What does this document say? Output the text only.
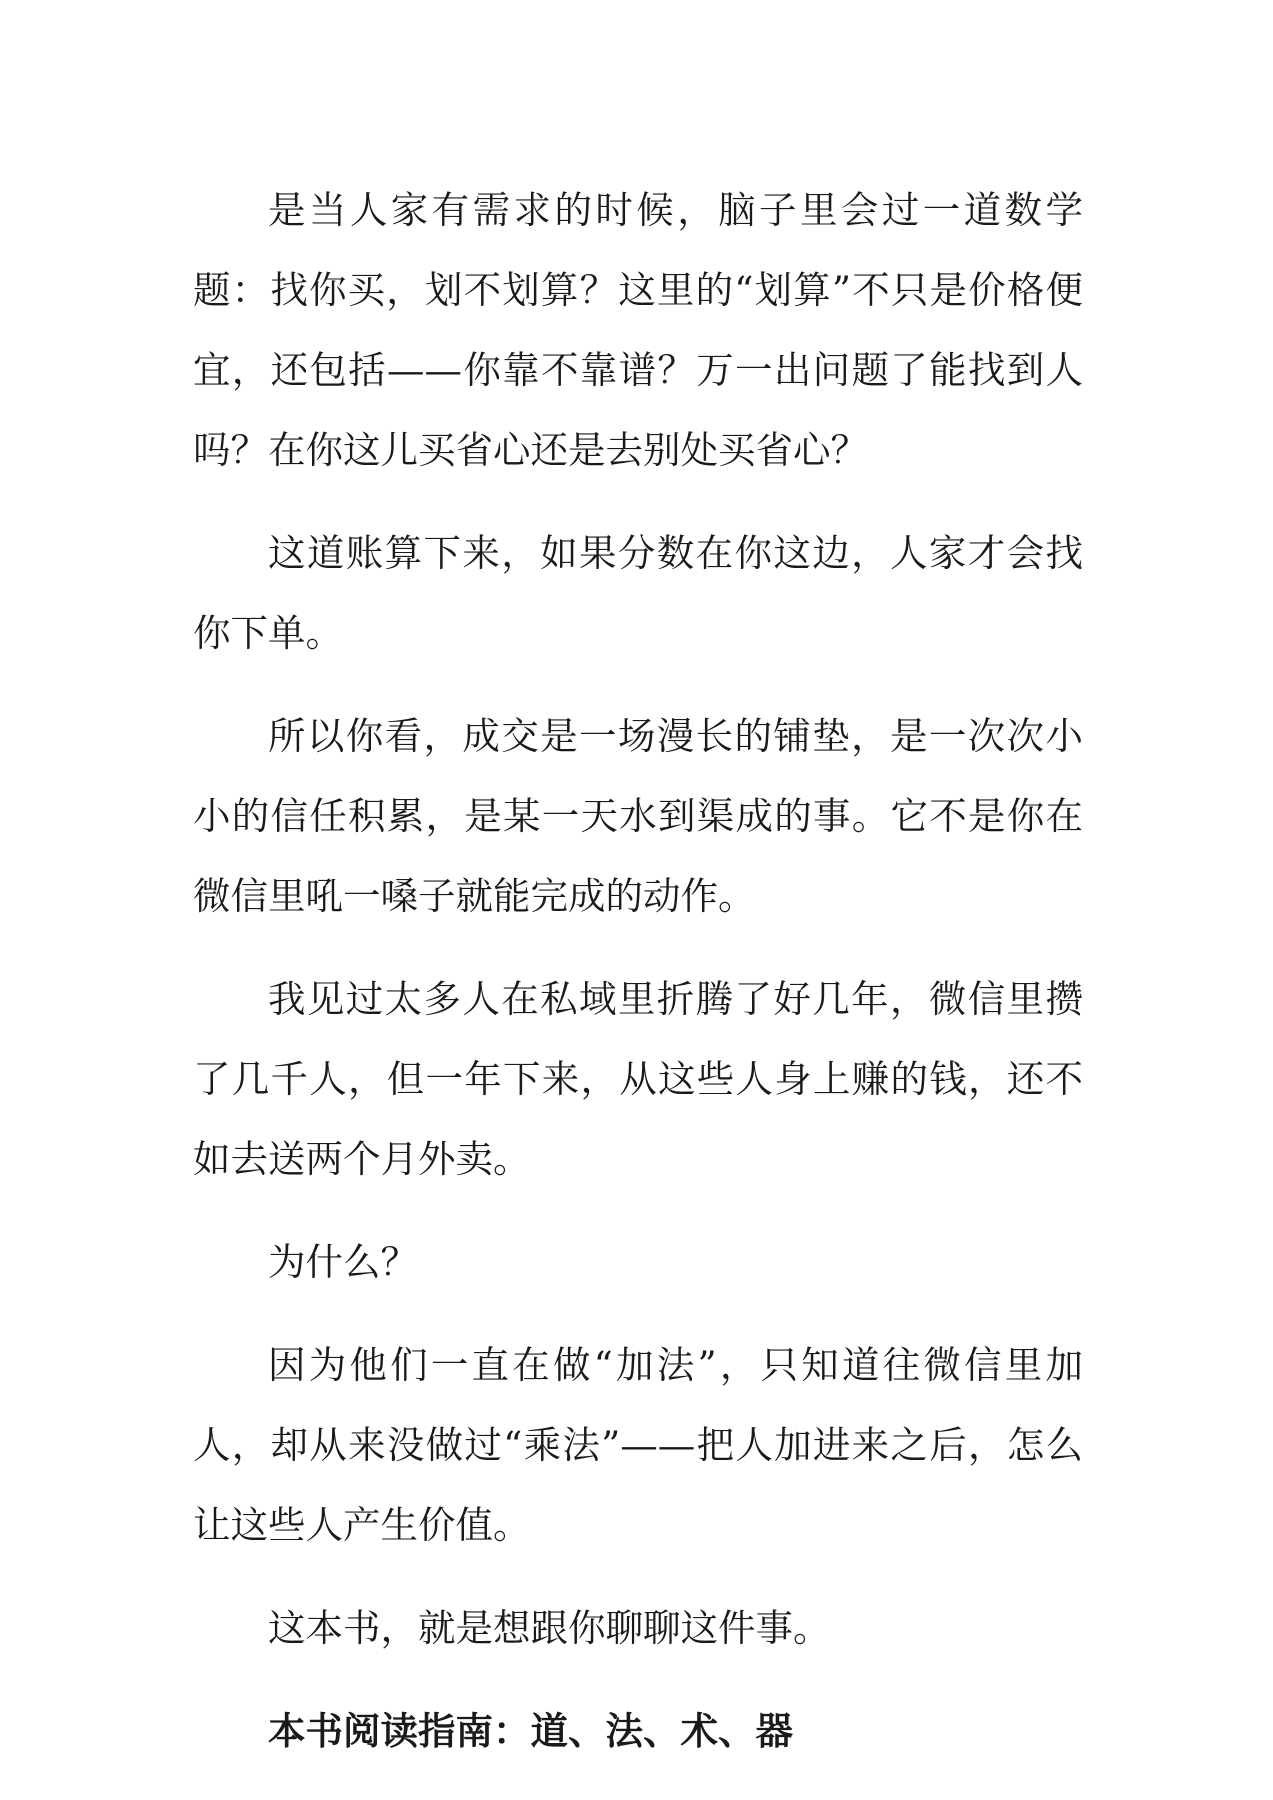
是当人家有需求的时候，脑子里会过一道数学题：找你买，划不划算？这里的“划算”不只是价格便宜，还包括——你靠不靠谱？万一出问题了能找到人吗？在你这儿买省心还是去别处买省心？

这道账算下来，如果分数在你这边，人家才会找你下单。

所以你看，成交是一场漫长的铺垫，是一次次小小的信任积累，是某一天水到渠成的事。它不是你在微信里吼一嗓子就能完成的动作。

我见过太多人在私域里折腾了好几年，微信里攒了几千人，但一年下来，从这些人身上赚的钱，还不如去送两个月外卖。

为什么？

因为他们一直在做“加法”，只知道往微信里加人，却从来没做过“乘法”——把人加进来之后，怎么让这些人产生价值。

这本书，就是想跟你聊聊这件事。

本书阅读指南：道、法、术、器
